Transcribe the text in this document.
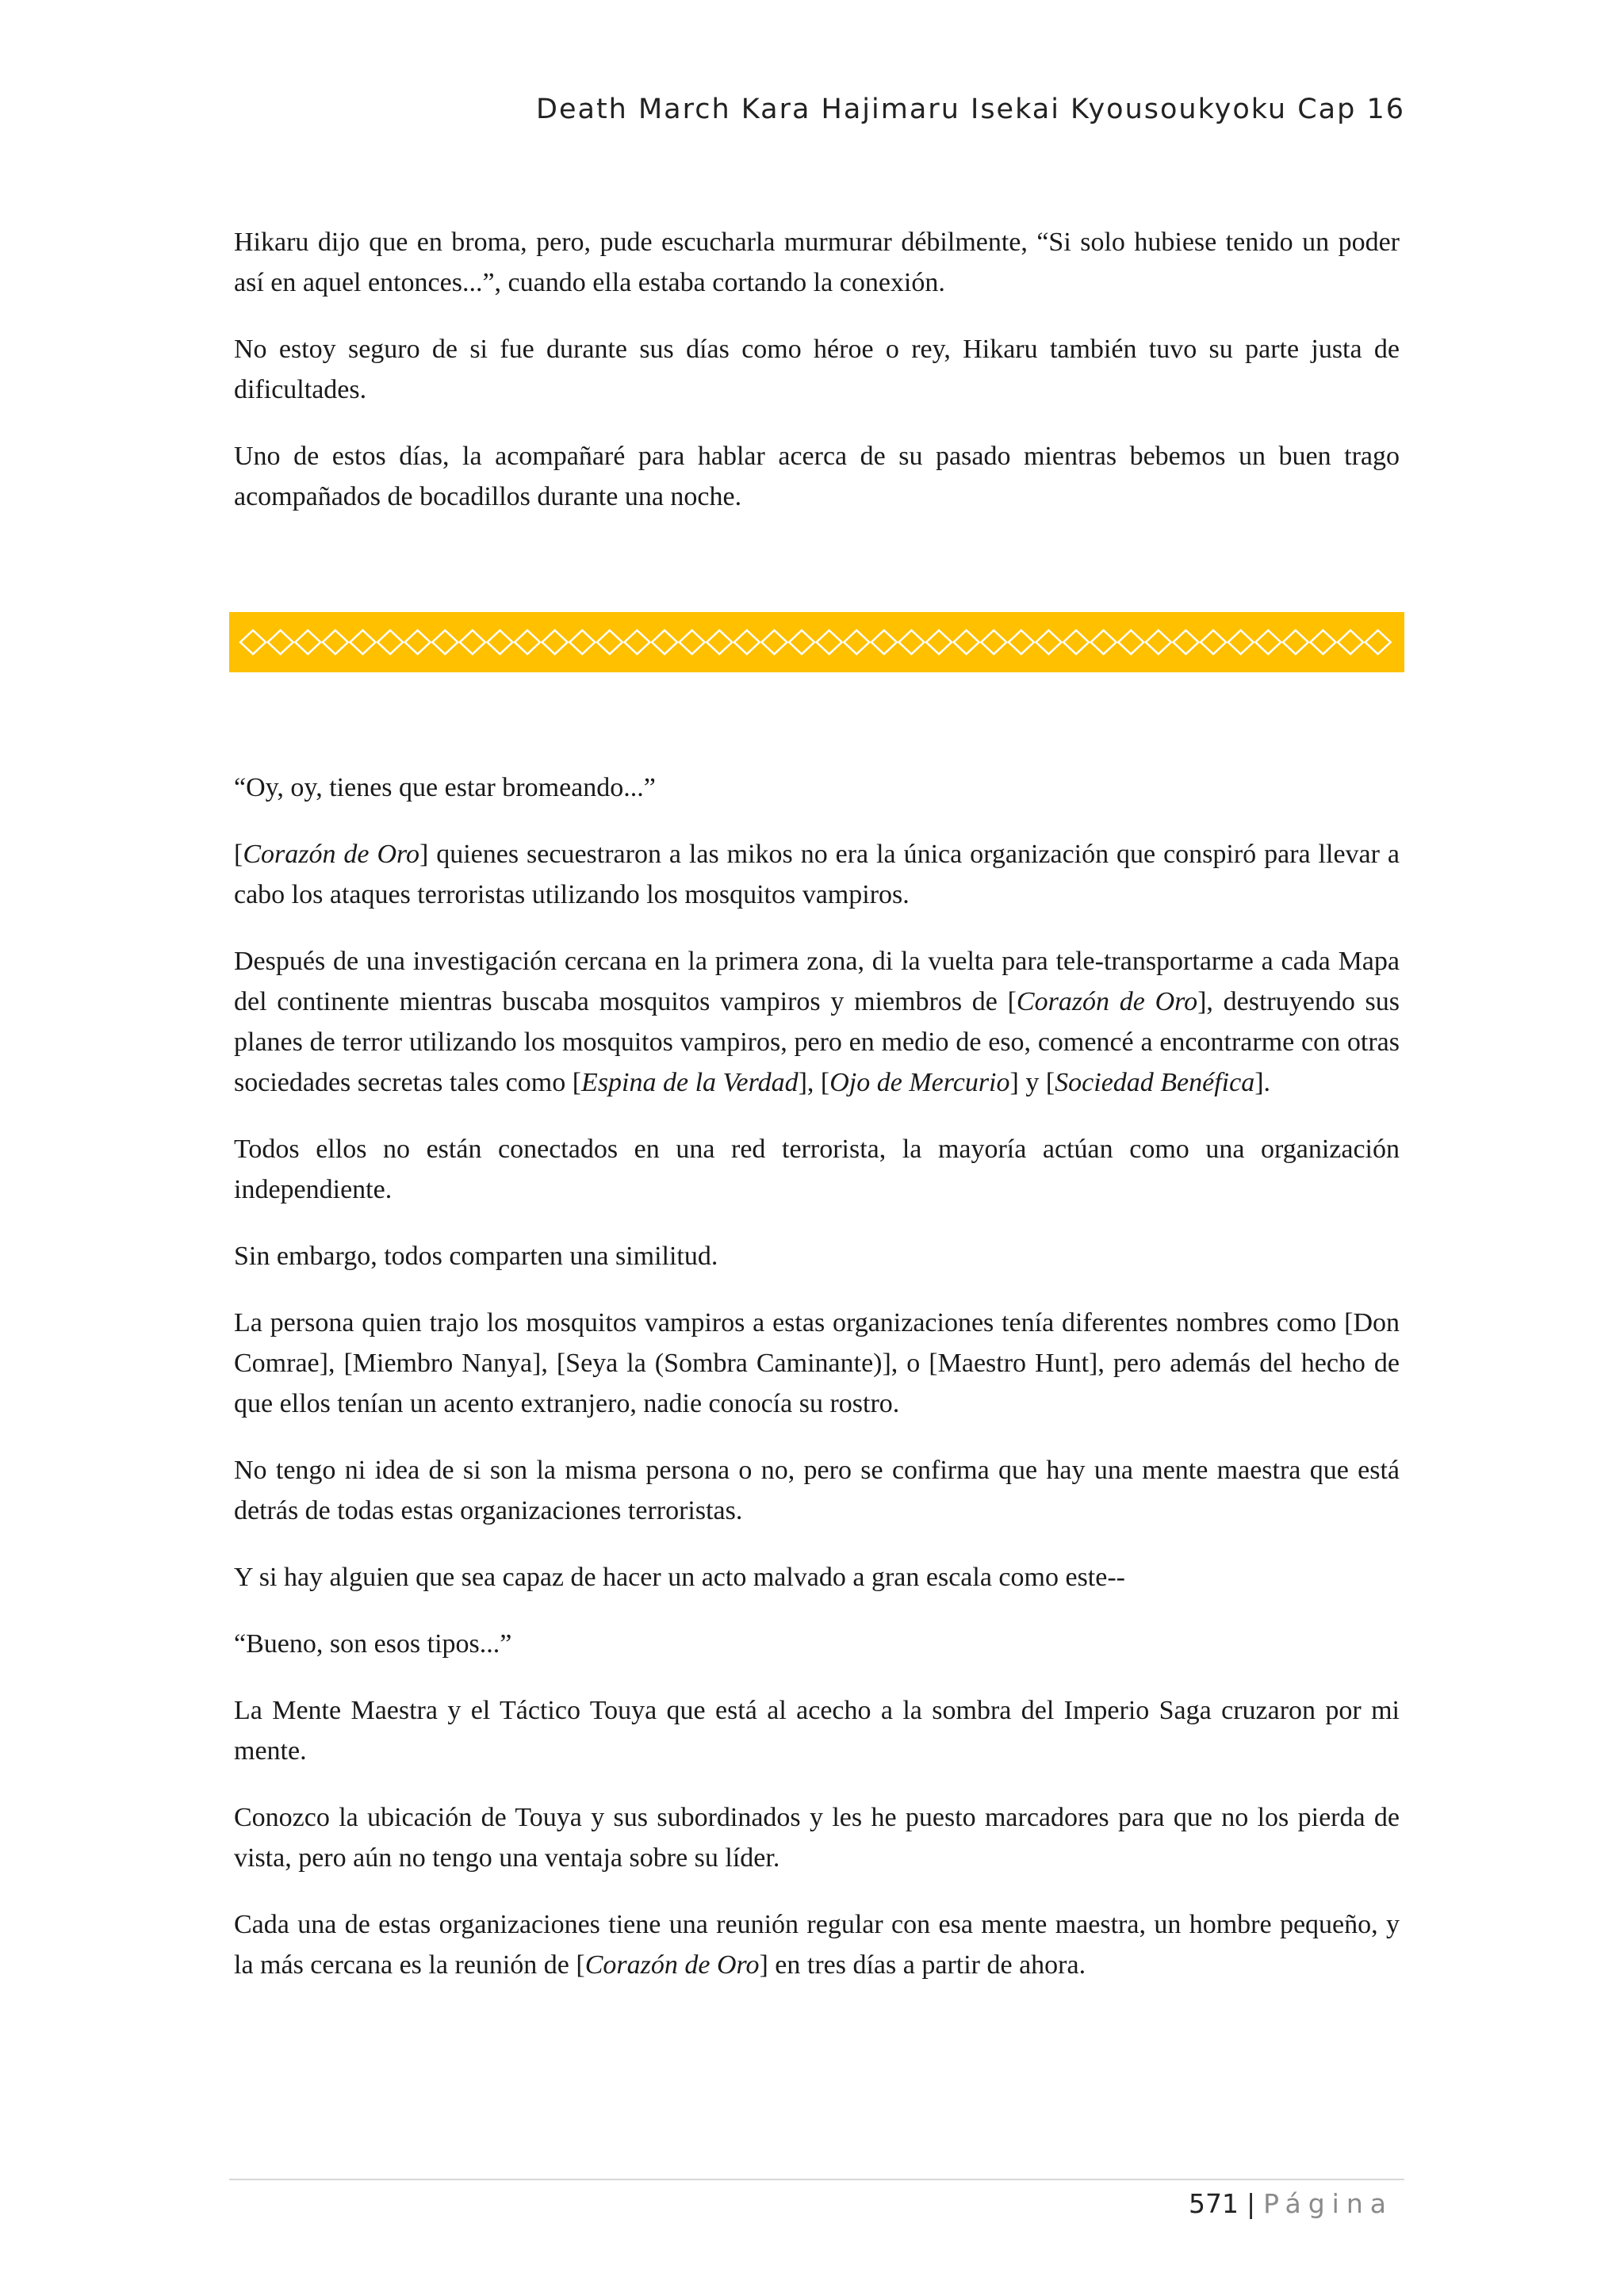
Death March Kara Hajimaru Isekai Kyousoukyoku Cap 16

Hikaru dijo que en broma, pero, pude escucharla murmurar débilmente, “Si solo hubiese tenido un poder así en aquel entonces...”, cuando ella estaba cortando la conexión.

No estoy seguro de si fue durante sus días como héroe o rey, Hikaru también tuvo su parte justa de dificultades.

Uno de estos días, la acompañaré para hablar acerca de su pasado mientras bebemos un buen trago acompañados de bocadillos durante una noche.

“Oy, oy, tienes que estar bromeando...”

[Corazón de Oro] quienes secuestraron a las mikos no era la única organización que conspiró para llevar a cabo los ataques terroristas utilizando los mosquitos vampiros.

Después de una investigación cercana en la primera zona, di la vuelta para tele-transportarme a cada Mapa del continente mientras buscaba mosquitos vampiros y miembros de [Corazón de Oro], destruyendo sus planes de terror utilizando los mosquitos vampiros, pero en medio de eso, comencé a encontrarme con otras sociedades secretas tales como [Espina de la Verdad], [Ojo de Mercurio] y [Sociedad Benéfica].

Todos ellos no están conectados en una red terrorista, la mayoría actúan como una organización independiente.

Sin embargo, todos comparten una similitud.

La persona quien trajo los mosquitos vampiros a estas organizaciones tenía diferentes nombres como [Don Comrae], [Miembro Nanya], [Seya la (Sombra Caminante)], o [Maestro Hunt], pero además del hecho de que ellos tenían un acento extranjero, nadie conocía su rostro.

No tengo ni idea de si son la misma persona o no, pero se confirma que hay una mente maestra que está detrás de todas estas organizaciones terroristas.

Y si hay alguien que sea capaz de hacer un acto malvado a gran escala como este--

“Bueno, son esos tipos...”

La Mente Maestra y el Táctico Touya que está al acecho a la sombra del Imperio Saga cruzaron por mi mente.

Conozco la ubicación de Touya y sus subordinados y les he puesto marcadores para que no los pierda de vista, pero aún no tengo una ventaja sobre su líder.

Cada una de estas organizaciones tiene una reunión regular con esa mente maestra, un hombre pequeño, y la más cercana es la reunión de [Corazón de Oro] en tres días a partir de ahora.

571 | Página
